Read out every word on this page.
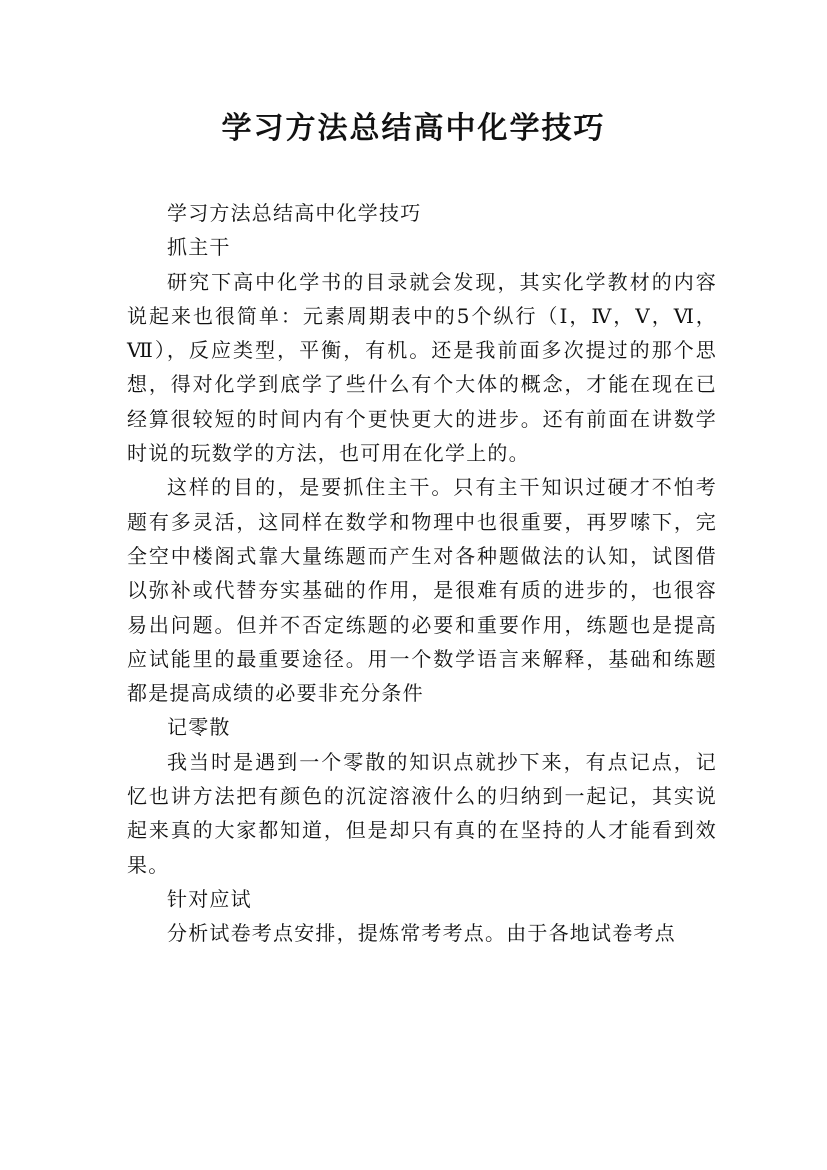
学习方法总结高中化学技巧

学习方法总结高中化学技巧

抓主干

研究下高中化学书的目录就会发现，其实化学教材的内容说起来也很简单：元素周期表中的5个纵行（Ⅰ，Ⅳ，Ⅴ，Ⅵ，Ⅶ），反应类型，平衡，有机。还是我前面多次提过的那个思想，得对化学到底学了些什么有个大体的概念，才能在现在已经算很较短的时间内有个更快更大的进步。还有前面在讲数学时说的玩数学的方法，也可用在化学上的。

这样的目的，是要抓住主干。只有主干知识过硬才不怕考题有多灵活，这同样在数学和物理中也很重要，再罗嗦下，完全空中楼阁式靠大量练题而产生对各种题做法的认知，试图借以弥补或代替夯实基础的作用，是很难有质的进步的，也很容易出问题。但并不否定练题的必要和重要作用，练题也是提高应试能里的最重要途径。用一个数学语言来解释，基础和练题都是提高成绩的必要非充分条件

记零散

我当时是遇到一个零散的知识点就抄下来，有点记点，记忆也讲方法把有颜色的沉淀溶液什么的归纳到一起记，其实说起来真的大家都知道，但是却只有真的在坚持的人才能看到效果。

针对应试

分析试卷考点安排，提炼常考考点。由于各地试卷考点
